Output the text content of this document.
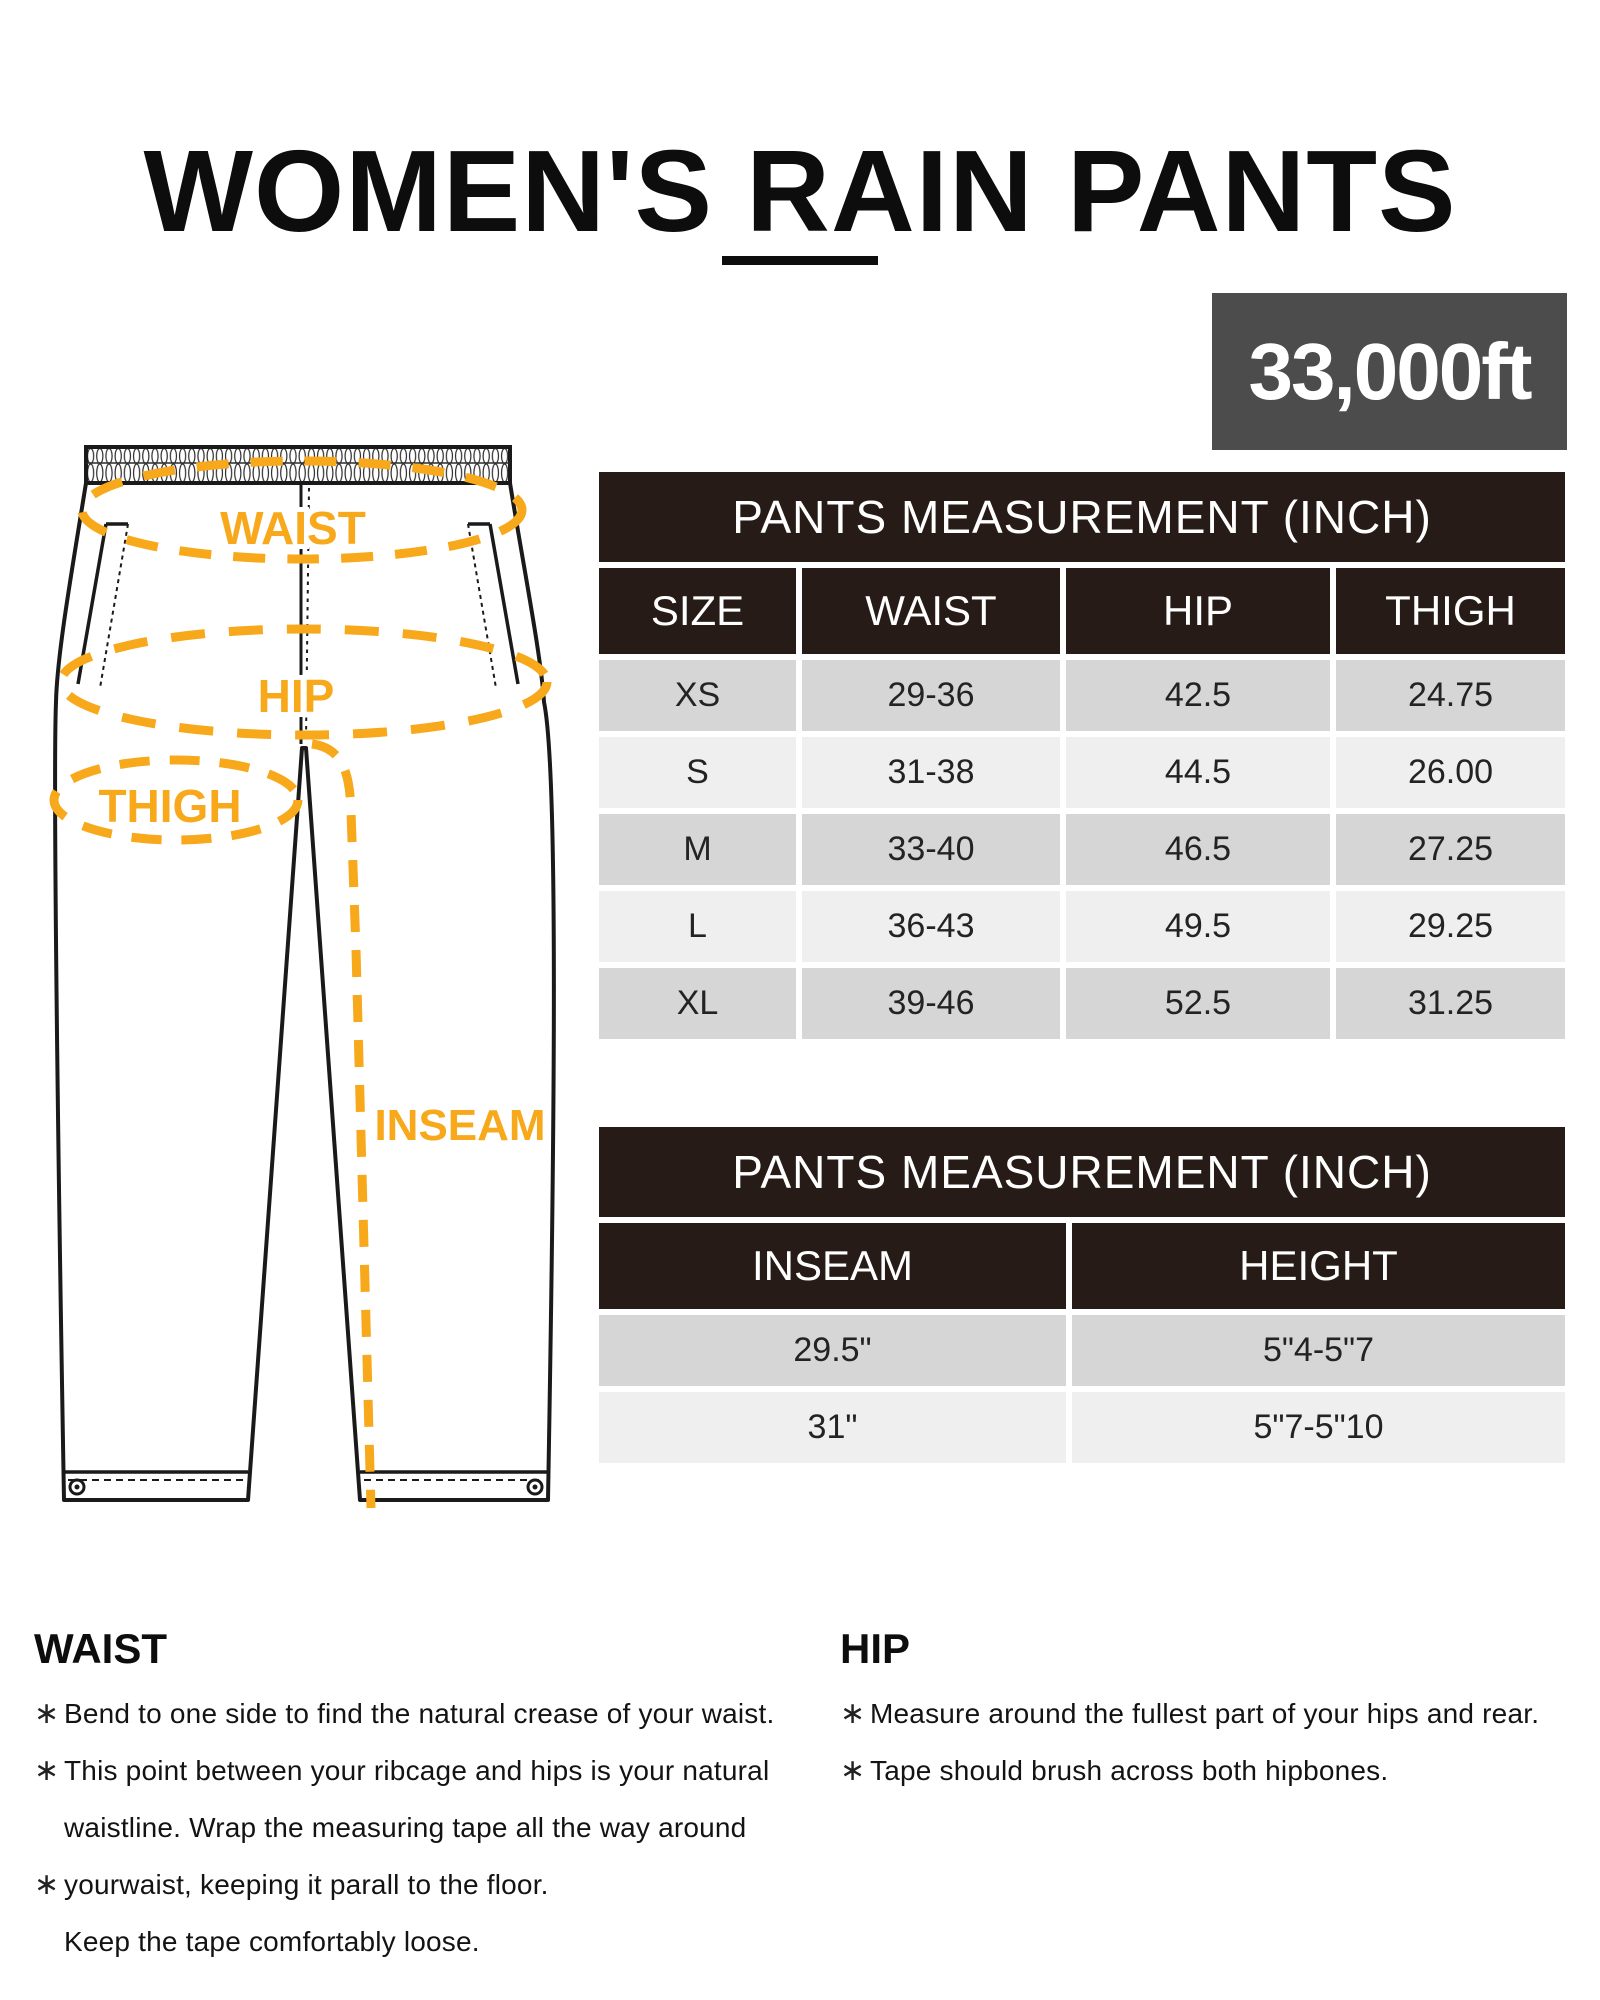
WOMEN'S RAIN PANTS
33,000ft
WAIST
HIP
THIGH
INSEAM
PANTS MEASUREMENT (INCH)
SIZE	WAIST	HIP	THIGH
XS	29-36	42.5	24.75
S	31-38	44.5	26.00
M	33-40	46.5	27.25
L	36-43	49.5	29.25
XL	39-46	52.5	31.25
PANTS MEASUREMENT (INCH)
INSEAM	HEIGHT
29.5"	5"4-5"7
31"	5"7-5"10
WAIST
∗ Bend to one side to find the natural crease of your waist.
∗ This point between your ribcage and hips is your natural
waistline. Wrap the measuring tape all the way around
∗ yourwaist, keeping it parall to the floor.
Keep the tape comfortably loose.
HIP
∗ Measure around the fullest part of your hips and rear.
∗ Tape should brush across both hipbones.
